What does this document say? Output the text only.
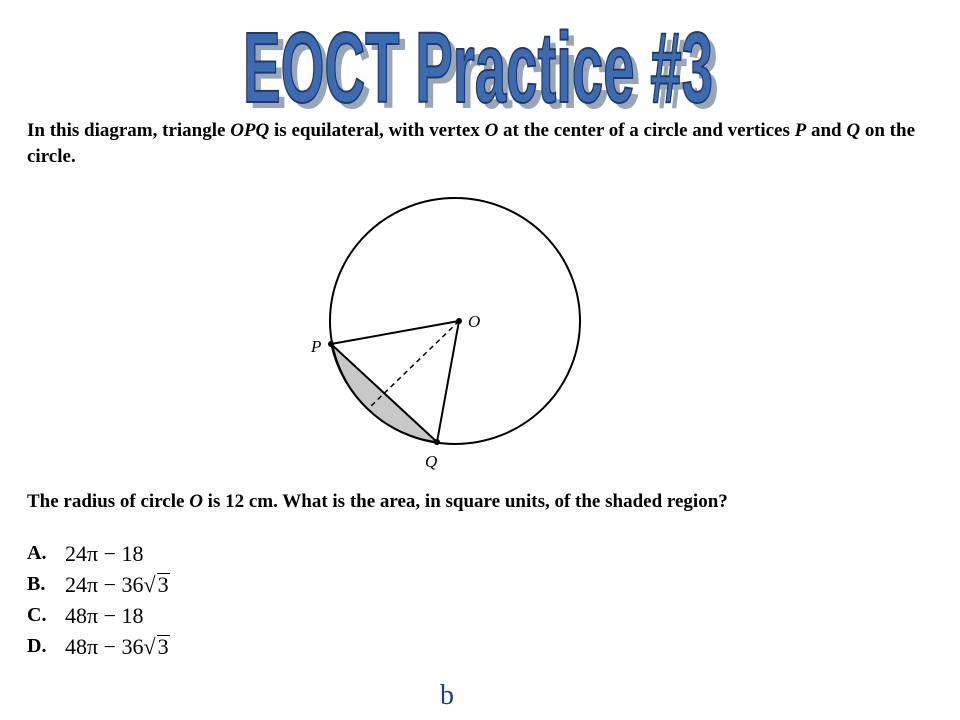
EOCT Practice #3
EOCT Practice #3
In this diagram, triangle OPQ is equilateral, with vertex O at the center of a circle and vertices P and Q on the circle.
O
P
Q
The radius of circle O is 12 cm. What is the area, in square units, of the shaded region?
A. 24π − 18
B. 24π − 36 √ 3
C. 48π − 18
D. 48π − 36 √ 3
b
